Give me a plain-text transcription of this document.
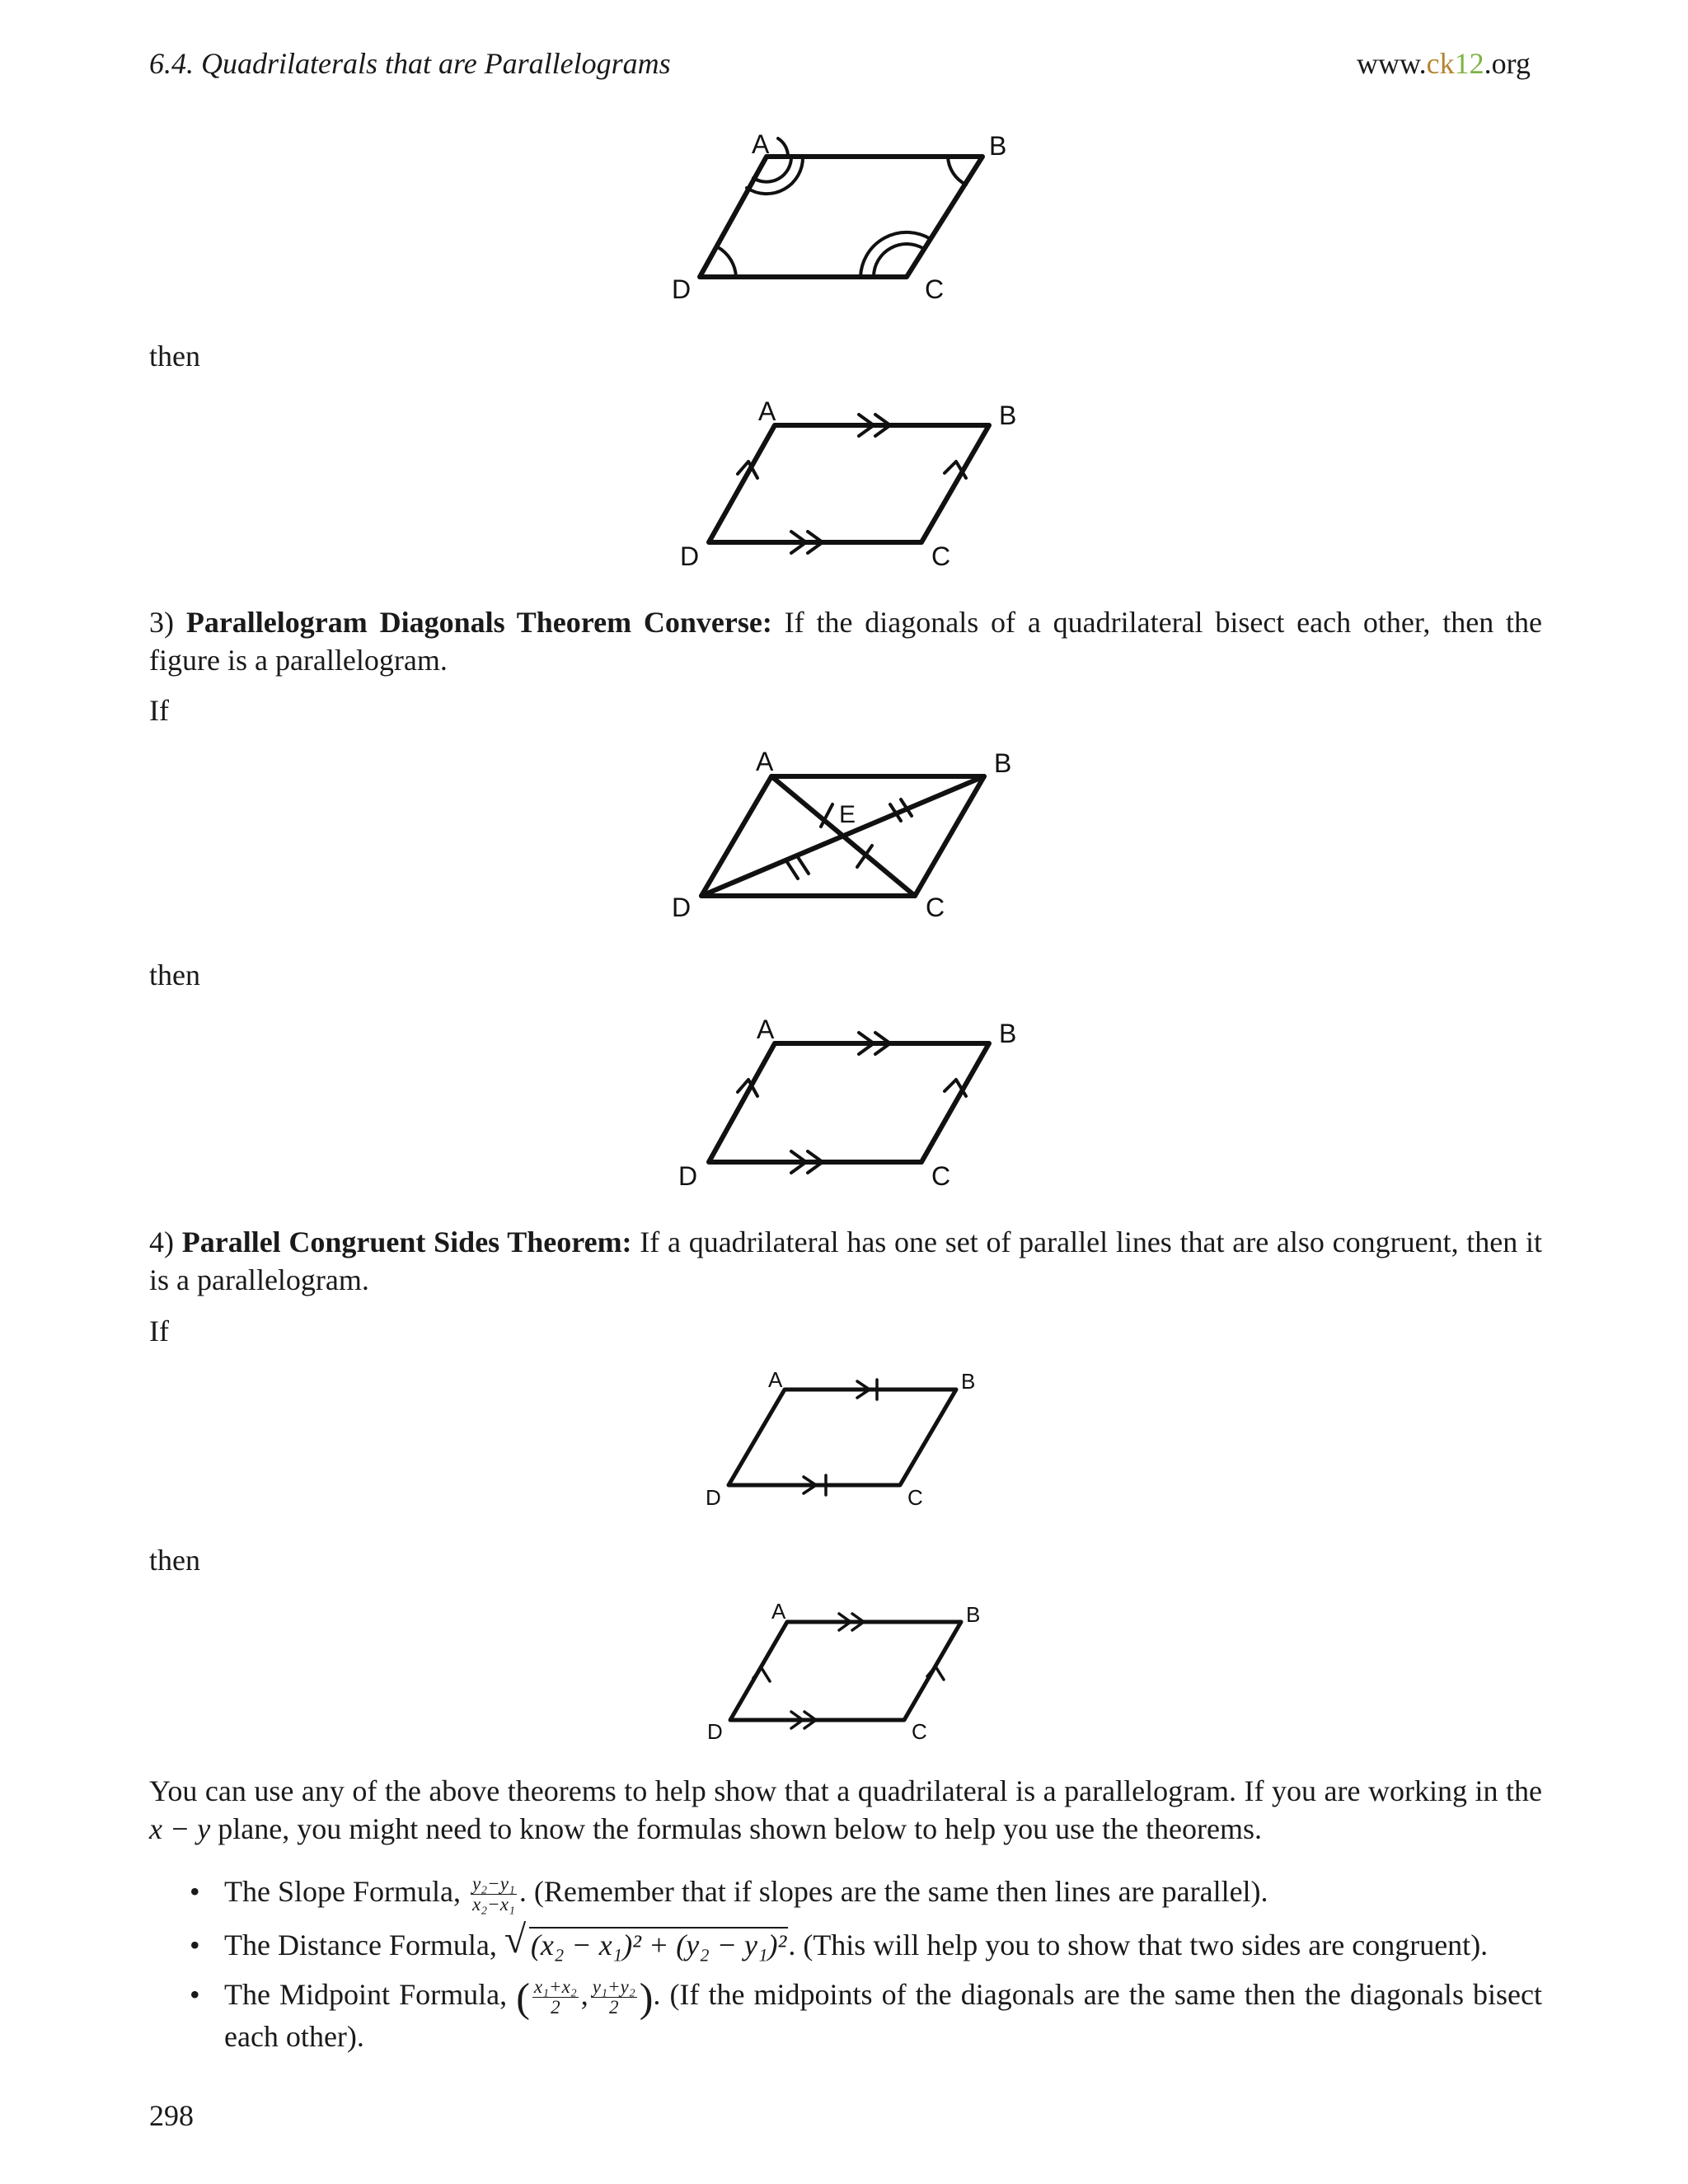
6.4. Quadrilaterals that are Parallelograms	www.ck12.org
A	B
C
D
then
A	B
C
D
3) Parallelogram Diagonals Theorem Converse: If the diagonals of a quadrilateral bisect each other, then the figure is a parallelogram.
If
A	B
C
D
E
then
A	B
C
D
4) Parallel Congruent Sides Theorem: If a quadrilateral has one set of parallel lines that are also congruent, then it is a parallelogram.
If
A	B
C
D
then
A	B
C
D
You can use any of the above theorems to help show that a quadrilateral is a parallelogram. If you are working in the x − y plane, you might need to know the formulas shown below to help you use the theorems.
• The Slope Formula, $\frac{\text{y₂−y₁}}{\text{x₂−x₁}}$ . (Remember that if slopes are the same then lines are parallel).
• The Distance Formula, √ (x₂ − x₁)² + (y₂ − y₁)². (This will help you to show that two sides are congruent).
• The Midpoint Formula, ( $\frac{\text{x₁+x₂}}{2}$ , $\frac{\text{y₁+y₂}}{2}$ ). (If the midpoints of the diagonals are the same then the diagonals bisect each other).
298
